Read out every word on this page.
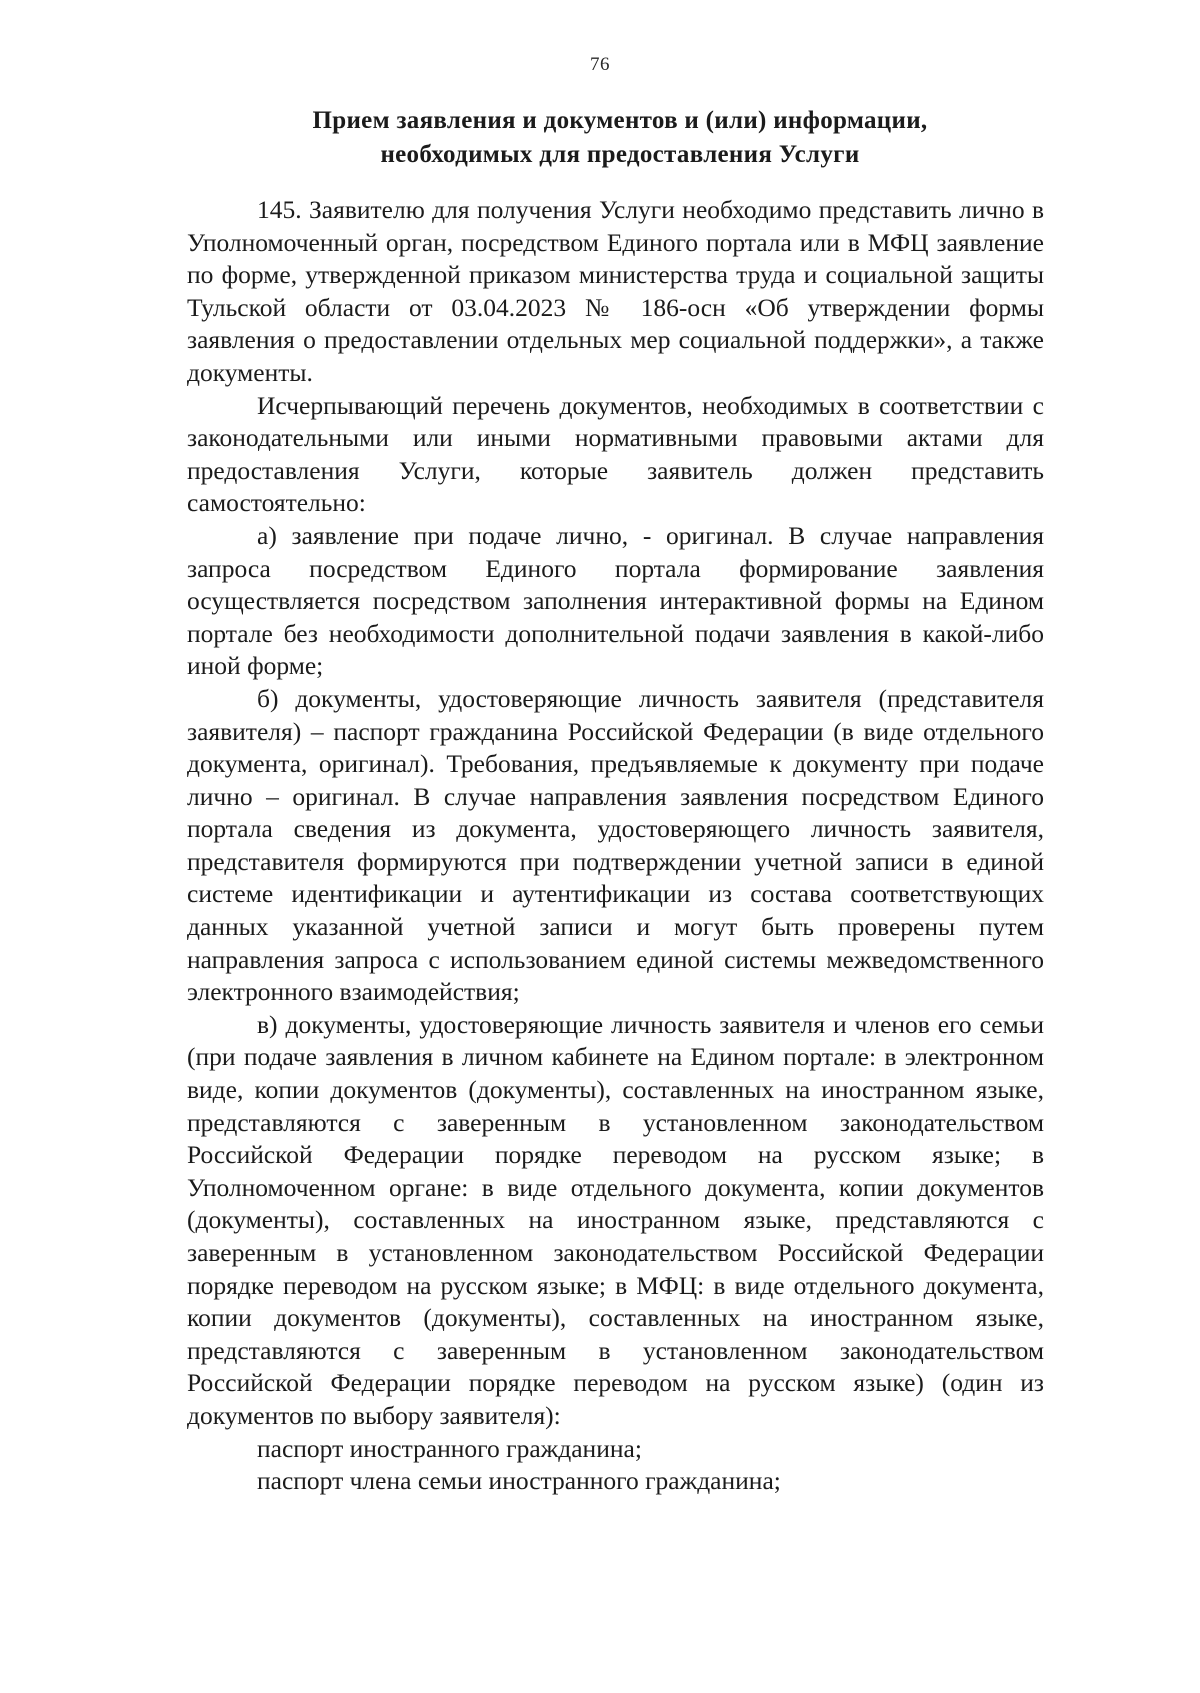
76
Прием заявления и документов и (или) информации,
необходимых для предоставления Услуги

145. Заявителю для получения Услуги необходимо представить лично в Уполномоченный орган, посредством Единого портала или в МФЦ заявление по форме, утвержденной приказом министерства труда и социальной защиты Тульской области от 03.04.2023 № 186-осн «Об утверждении формы заявления о предоставлении отдельных мер социальной поддержки», а также документы.

Исчерпывающий перечень документов, необходимых в соответствии с законодательными или иными нормативными правовыми актами для предоставления Услуги, которые заявитель должен представить самостоятельно:

а) заявление при подаче лично, - оригинал. В случае направления запроса посредством Единого портала формирование заявления осуществляется посредством заполнения интерактивной формы на Едином портале без необходимости дополнительной подачи заявления в какой-либо иной форме;

б) документы, удостоверяющие личность заявителя (представителя заявителя) – паспорт гражданина Российской Федерации (в виде отдельного документа, оригинал). Требования, предъявляемые к документу при подаче лично – оригинал. В случае направления заявления посредством Единого портала сведения из документа, удостоверяющего личность заявителя, представителя формируются при подтверждении учетной записи в единой системе идентификации и аутентификации из состава соответствующих данных указанной учетной записи и могут быть проверены путем направления запроса с использованием единой системы межведомственного электронного взаимодействия;

в) документы, удостоверяющие личность заявителя и членов его семьи (при подаче заявления в личном кабинете на Едином портале: в электронном виде, копии документов (документы), составленных на иностранном языке, представляются с заверенным в установленном законодательством Российской Федерации порядке переводом на русском языке; в Уполномоченном органе: в виде отдельного документа, копии документов (документы), составленных на иностранном языке, представляются с заверенным в установленном законодательством Российской Федерации порядке переводом на русском языке; в МФЦ: в виде отдельного документа, копии документов (документы), составленных на иностранном языке, представляются с заверенным в установленном законодательством Российской Федерации порядке переводом на русском языке) (один из документов по выбору заявителя):

паспорт иностранного гражданина;

паспорт члена семьи иностранного гражданина;
